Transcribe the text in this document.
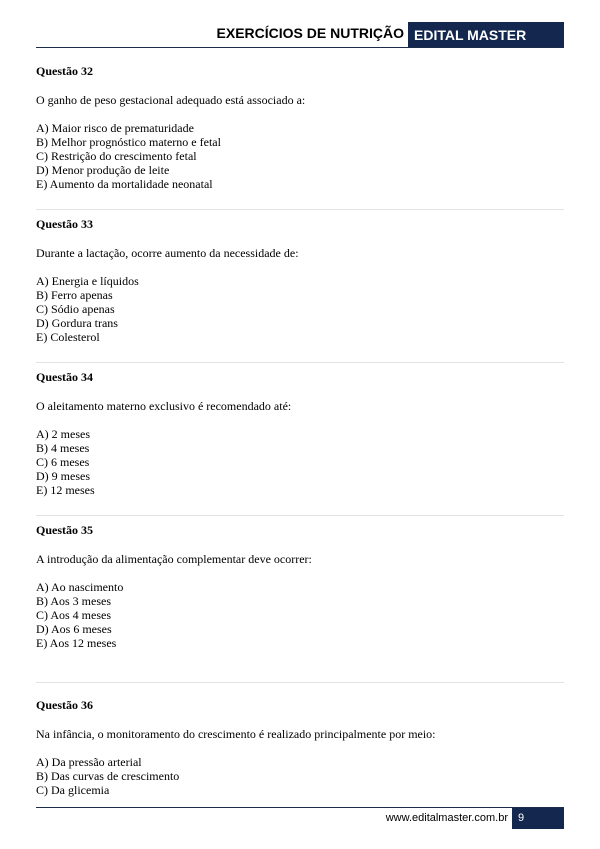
EXERCÍCIOS DE NUTRIÇÃO EDITAL MASTER
Questão 32
O ganho de peso gestacional adequado está associado a:
A) Maior risco de prematuridade
B) Melhor prognóstico materno e fetal
C) Restrição do crescimento fetal
D) Menor produção de leite
E) Aumento da mortalidade neonatal
Questão 33
Durante a lactação, ocorre aumento da necessidade de:
A) Energia e líquidos
B) Ferro apenas
C) Sódio apenas
D) Gordura trans
E) Colesterol
Questão 34
O aleitamento materno exclusivo é recomendado até:
A) 2 meses
B) 4 meses
C) 6 meses
D) 9 meses
E) 12 meses
Questão 35
A introdução da alimentação complementar deve ocorrer:
A) Ao nascimento
B) Aos 3 meses
C) Aos 4 meses
D) Aos 6 meses
E) Aos 12 meses
Questão 36
Na infância, o monitoramento do crescimento é realizado principalmente por meio:
A) Da pressão arterial
B) Das curvas de crescimento
C) Da glicemia
www.editalmaster.com.br 9
